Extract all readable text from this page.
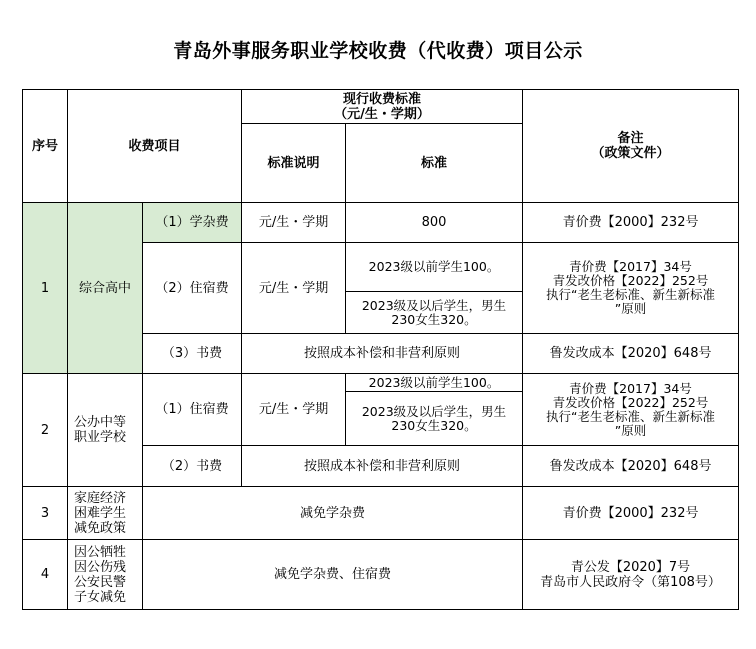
青岛外事服务职业学校收费（代收费）项目公示
序号	收费项目		现行收费标准
（元/生・学期）		备注
（政策文件）

			标准说明	标准	
1	综合高中	（1）学杂费	元/生・学期	800	青价费【2000】232号
		（2）住宿费	元/生・学期	2023级以前学生100。	青价费【2017】34号
青发改价格【2022】252号
执行“老生老标准、新生新标准
”原则

				2023级及以后学生，男生
230女生320。	

		（3）书费	按照成本补偿和非营利原则		鲁发改成本【2020】648号
2	公办中等
职业学校	（1）住宿费	元/生・学期	2023级以前学生100。	青价费【2017】34号
青发改价格【2022】252号
执行“老生老标准、新生新标准
”原则

				2023级及以后学生，男生
230女生320。	

		（2）书费	按照成本补偿和非营利原则		鲁发改成本【2020】648号
3	家庭经济
困难学生
减免政策	减免学杂费			青价费【2000】232号
4	因公牺牲
因公伤残
公安民警
子女减免	减免学杂费、住宿费			青公发【2020】7号
青岛市人民政府令（第108号）
